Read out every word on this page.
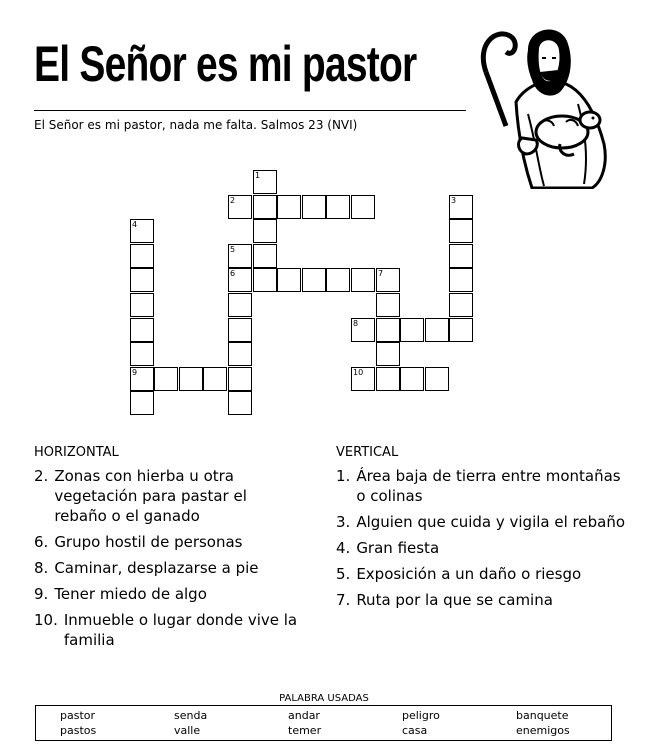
El Señor es mi pastor
El Señor es mi pastor, nada me falta. Salmos 23 (NVI)
1
2	3
4
5
6	7
8
9	10
HORIZONTAL
2. Zonas con hierba u otra vegetación para pastar el rebaño o el ganado
6. Grupo hostil de personas
8. Caminar, desplazarse a pie
9. Tener miedo de algo
10. Inmueble o lugar donde vive la familia
VERTICAL
1. Área baja de tierra entre montañas o colinas
3. Alguien que cuida y vigila el rebaño
4. Gran fiesta
5. Exposición a un daño o riesgo
7. Ruta por la que se camina
PALABRA USADAS
pastor	senda	andar	peligro	banquete
pastos	valle	temer	casa	enemigos
